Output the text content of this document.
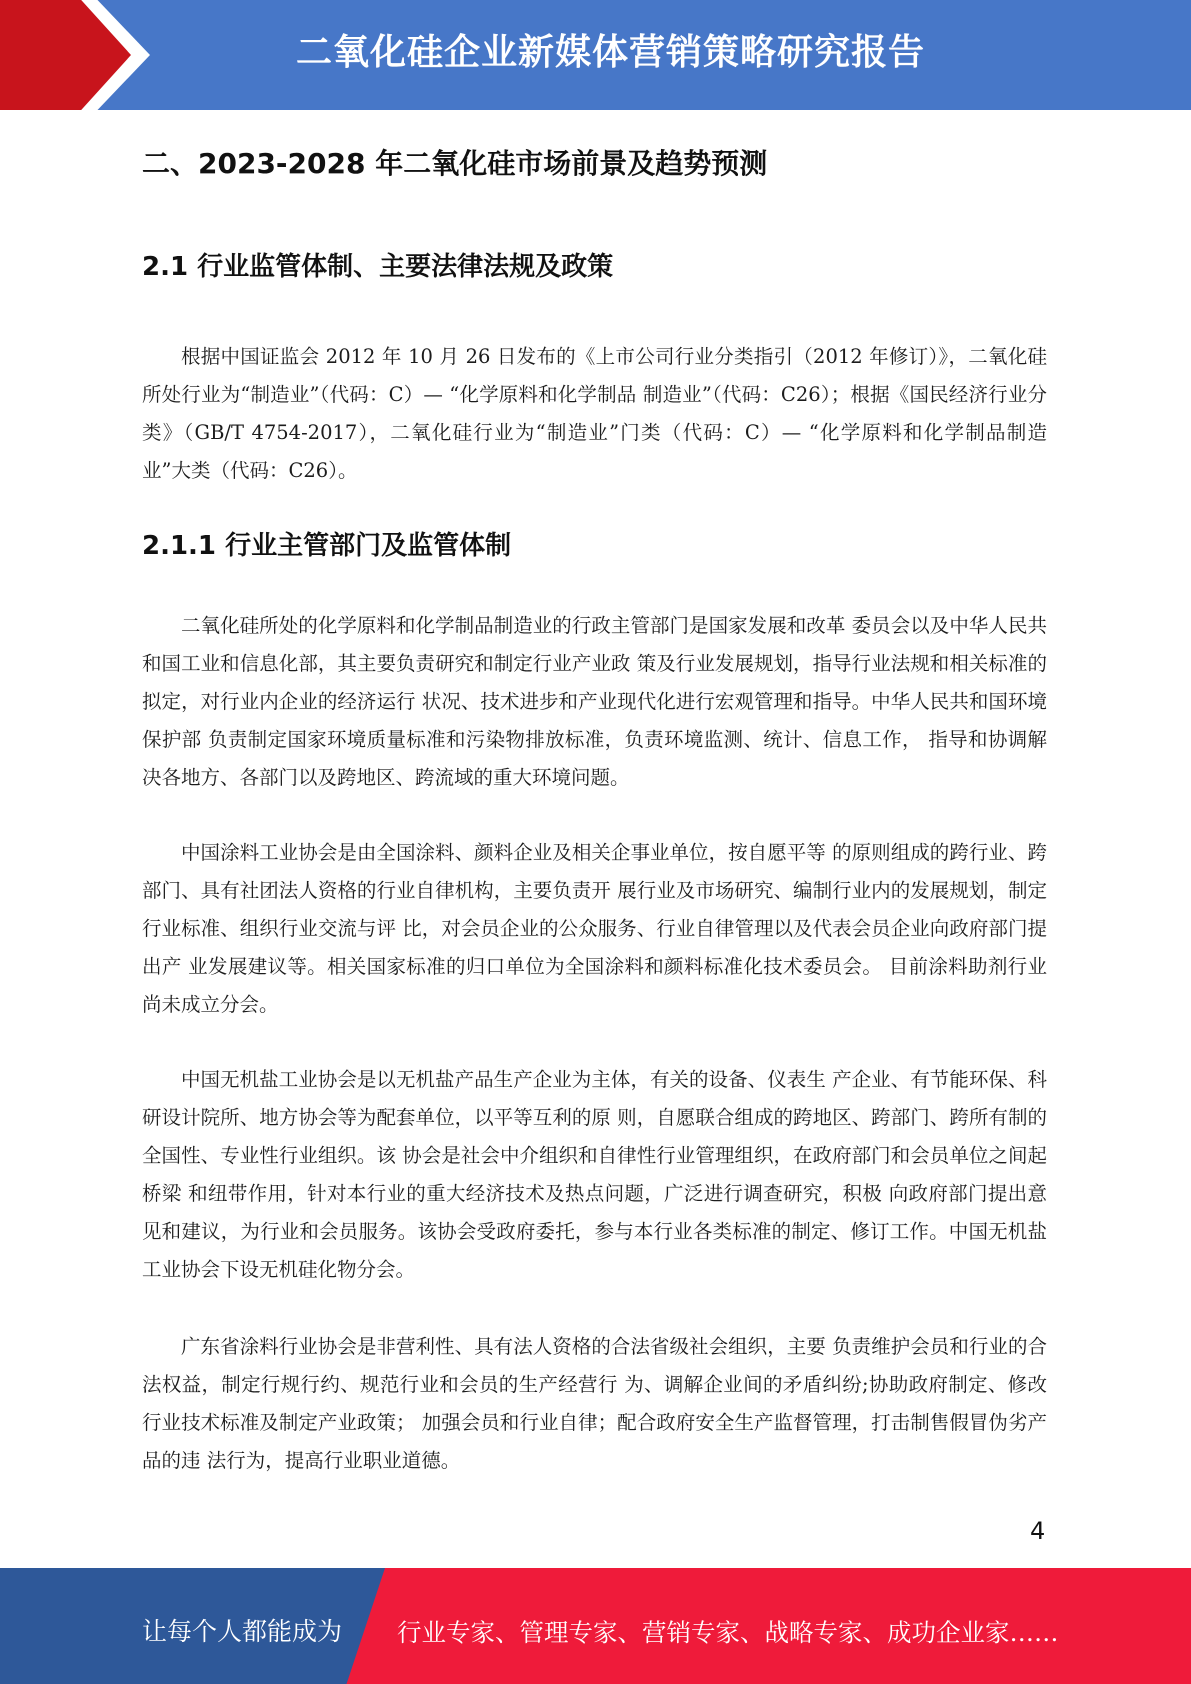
二氧化硅企业新媒体营销策略研究报告
二、2023-2028 年二氧化硅市场前景及趋势预测
2.1 行业监管体制、主要法律法规及政策

根据中国证监会 2012 年 10 月 26 日发布的《上市公司行业分类指引（2012 年修订）》，二氧化硅所处行业为“制造业”（代码：C）— “化学原料和化学制品 制造业”（代码：C26）；根据《国民经济行业分类》（GB/T 4754-2017），二氧化硅行业为“制造业”门类（代码：C）— “化学原料和化学制品制造业”大类（代码：C26）。

2.1.1 行业主管部门及监管体制

二氧化硅所处的化学原料和化学制品制造业的行政主管部门是国家发展和改革 委员会以及中华人民共和国工业和信息化部，其主要负责研究和制定行业产业政 策及行业发展规划，指导行业法规和相关标准的拟定，对行业内企业的经济运行 状况、技术进步和产业现代化进行宏观管理和指导。中华人民共和国环境保护部 负责制定国家环境质量标准和污染物排放标准，负责环境监测、统计、信息工作， 指导和协调解决各地方、各部门以及跨地区、跨流域的重大环境问题。

中国涂料工业协会是由全国涂料、颜料企业及相关企事业单位，按自愿平等 的原则组成的跨行业、跨部门、具有社团法人资格的行业自律机构，主要负责开 展行业及市场研究、编制行业内的发展规划，制定行业标准、组织行业交流与评 比，对会员企业的公众服务、行业自律管理以及代表会员企业向政府部门提出产 业发展建议等。相关国家标准的归口单位为全国涂料和颜料标准化技术委员会。 目前涂料助剂行业尚未成立分会。

中国无机盐工业协会是以无机盐产品生产企业为主体，有关的设备、仪表生 产企业、有节能环保、科研设计院所、地方协会等为配套单位，以平等互利的原 则，自愿联合组成的跨地区、跨部门、跨所有制的全国性、专业性行业组织。该 协会是社会中介组织和自律性行业管理组织，在政府部门和会员单位之间起桥梁 和纽带作用，针对本行业的重大经济技术及热点问题，广泛进行调查研究，积极 向政府部门提出意见和建议，为行业和会员服务。该协会受政府委托，参与本行业各类标准的制定、修订工作。中国无机盐工业协会下设无机硅化物分会。

广东省涂料行业协会是非营利性、具有法人资格的合法省级社会组织，主要 负责维护会员和行业的合法权益，制定行规行约、规范行业和会员的生产经营行 为、调解企业间的矛盾纠纷;协助政府制定、修改行业技术标准及制定产业政策； 加强会员和行业自律；配合政府安全生产监督管理，打击制售假冒伪劣产品的违 法行为，提高行业职业道德。

4
让每个人都能成为 行业专家、管理专家、营销专家、战略专家、成功企业家……
